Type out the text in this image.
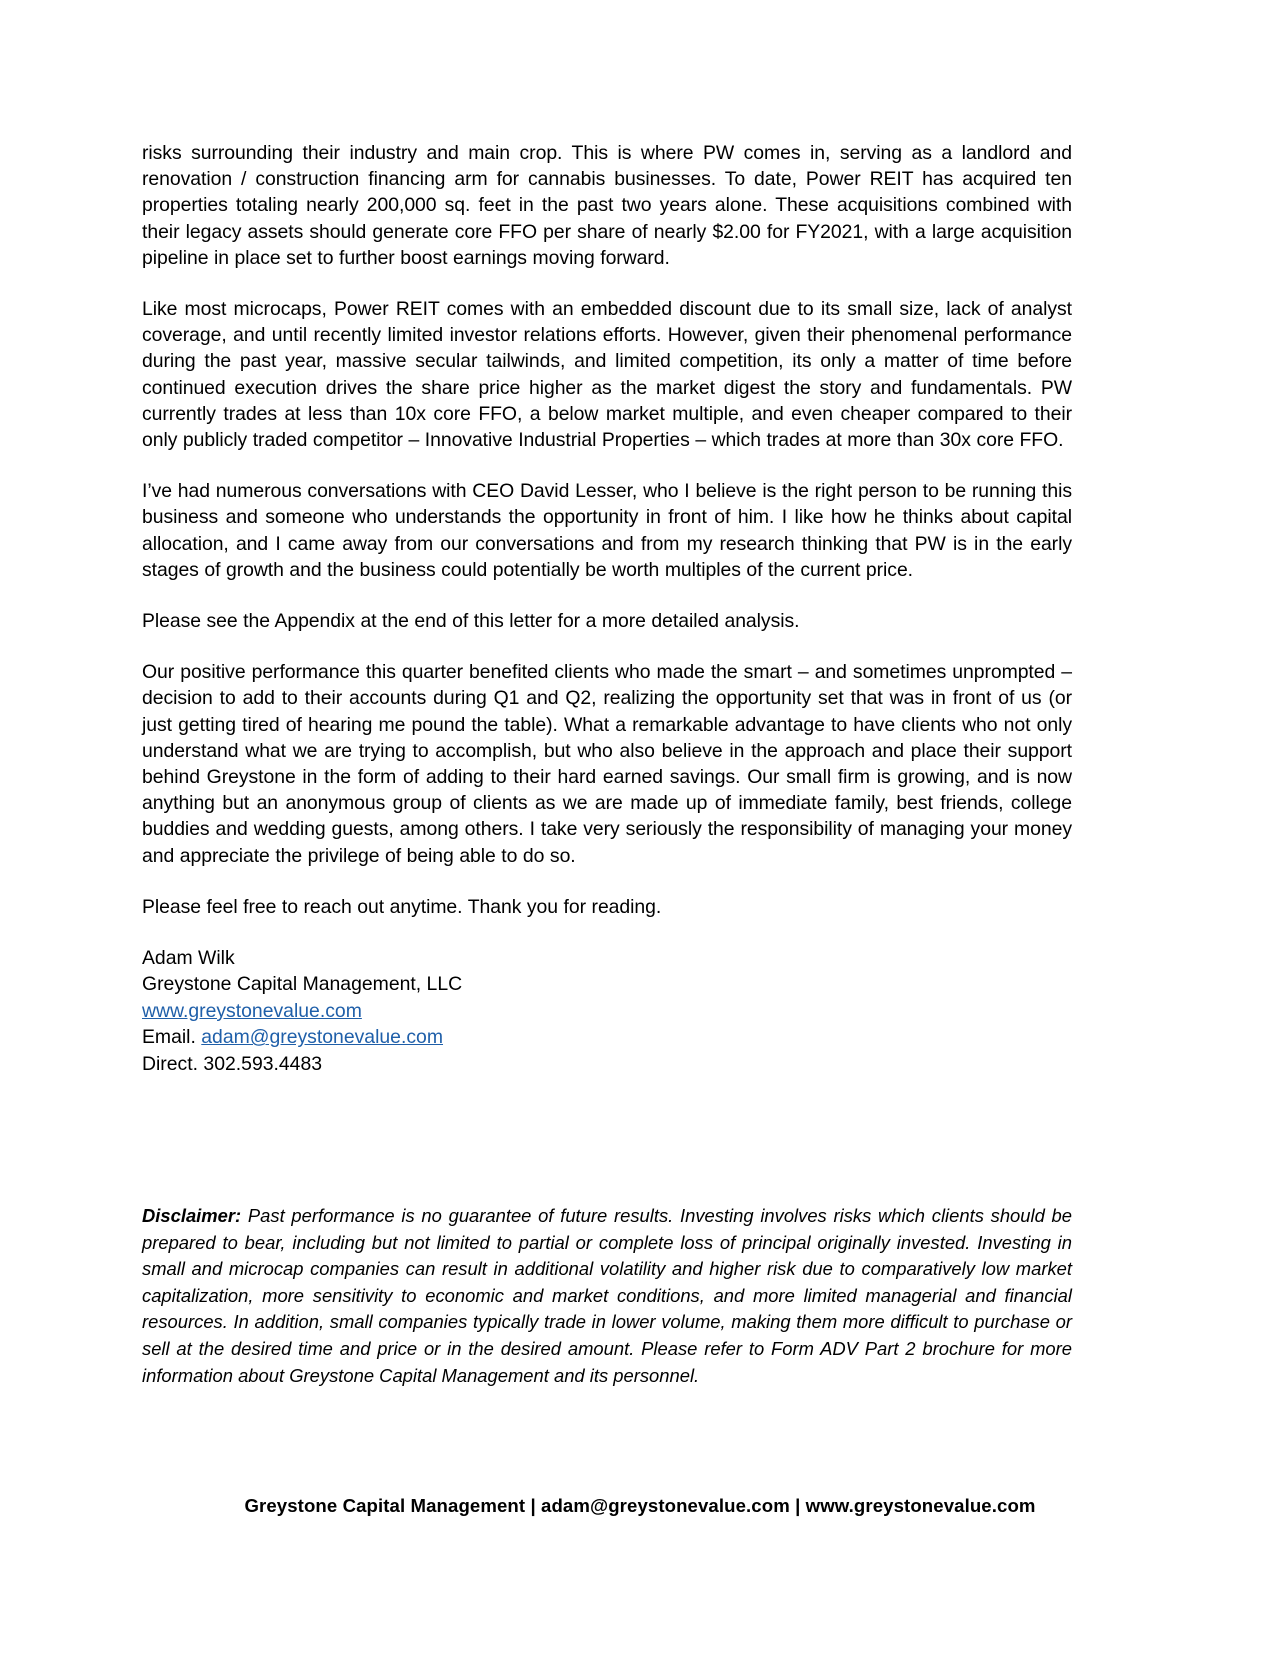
risks surrounding their industry and main crop. This is where PW comes in, serving as a landlord and renovation / construction financing arm for cannabis businesses. To date, Power REIT has acquired ten properties totaling nearly 200,000 sq. feet in the past two years alone. These acquisitions combined with their legacy assets should generate core FFO per share of nearly $2.00 for FY2021, with a large acquisition pipeline in place set to further boost earnings moving forward.

Like most microcaps, Power REIT comes with an embedded discount due to its small size, lack of analyst coverage, and until recently limited investor relations efforts. However, given their phenomenal performance during the past year, massive secular tailwinds, and limited competition, its only a matter of time before continued execution drives the share price higher as the market digest the story and fundamentals. PW currently trades at less than 10x core FFO, a below market multiple, and even cheaper compared to their only publicly traded competitor – Innovative Industrial Properties – which trades at more than 30x core FFO.

I’ve had numerous conversations with CEO David Lesser, who I believe is the right person to be running this business and someone who understands the opportunity in front of him. I like how he thinks about capital allocation, and I came away from our conversations and from my research thinking that PW is in the early stages of growth and the business could potentially be worth multiples of the current price.

Please see the Appendix at the end of this letter for a more detailed analysis.

Our positive performance this quarter benefited clients who made the smart – and sometimes unprompted – decision to add to their accounts during Q1 and Q2, realizing the opportunity set that was in front of us (or just getting tired of hearing me pound the table). What a remarkable advantage to have clients who not only understand what we are trying to accomplish, but who also believe in the approach and place their support behind Greystone in the form of adding to their hard earned savings. Our small firm is growing, and is now anything but an anonymous group of clients as we are made up of immediate family, best friends, college buddies and wedding guests, among others. I take very seriously the responsibility of managing your money and appreciate the privilege of being able to do so.

Please feel free to reach out anytime. Thank you for reading.

Adam Wilk
Greystone Capital Management, LLC
www.greystonevalue.com
Email. adam@greystonevalue.com
Direct. 302.593.4483
Disclaimer: Past performance is no guarantee of future results. Investing involves risks which clients should be prepared to bear, including but not limited to partial or complete loss of principal originally invested. Investing in small and microcap companies can result in additional volatility and higher risk due to comparatively low market capitalization, more sensitivity to economic and market conditions, and more limited managerial and financial resources. In addition, small companies typically trade in lower volume, making them more difficult to purchase or sell at the desired time and price or in the desired amount. Please refer to Form ADV Part 2 brochure for more information about Greystone Capital Management and its personnel.
Greystone Capital Management | adam@greystonevalue.com | www.greystonevalue.com
